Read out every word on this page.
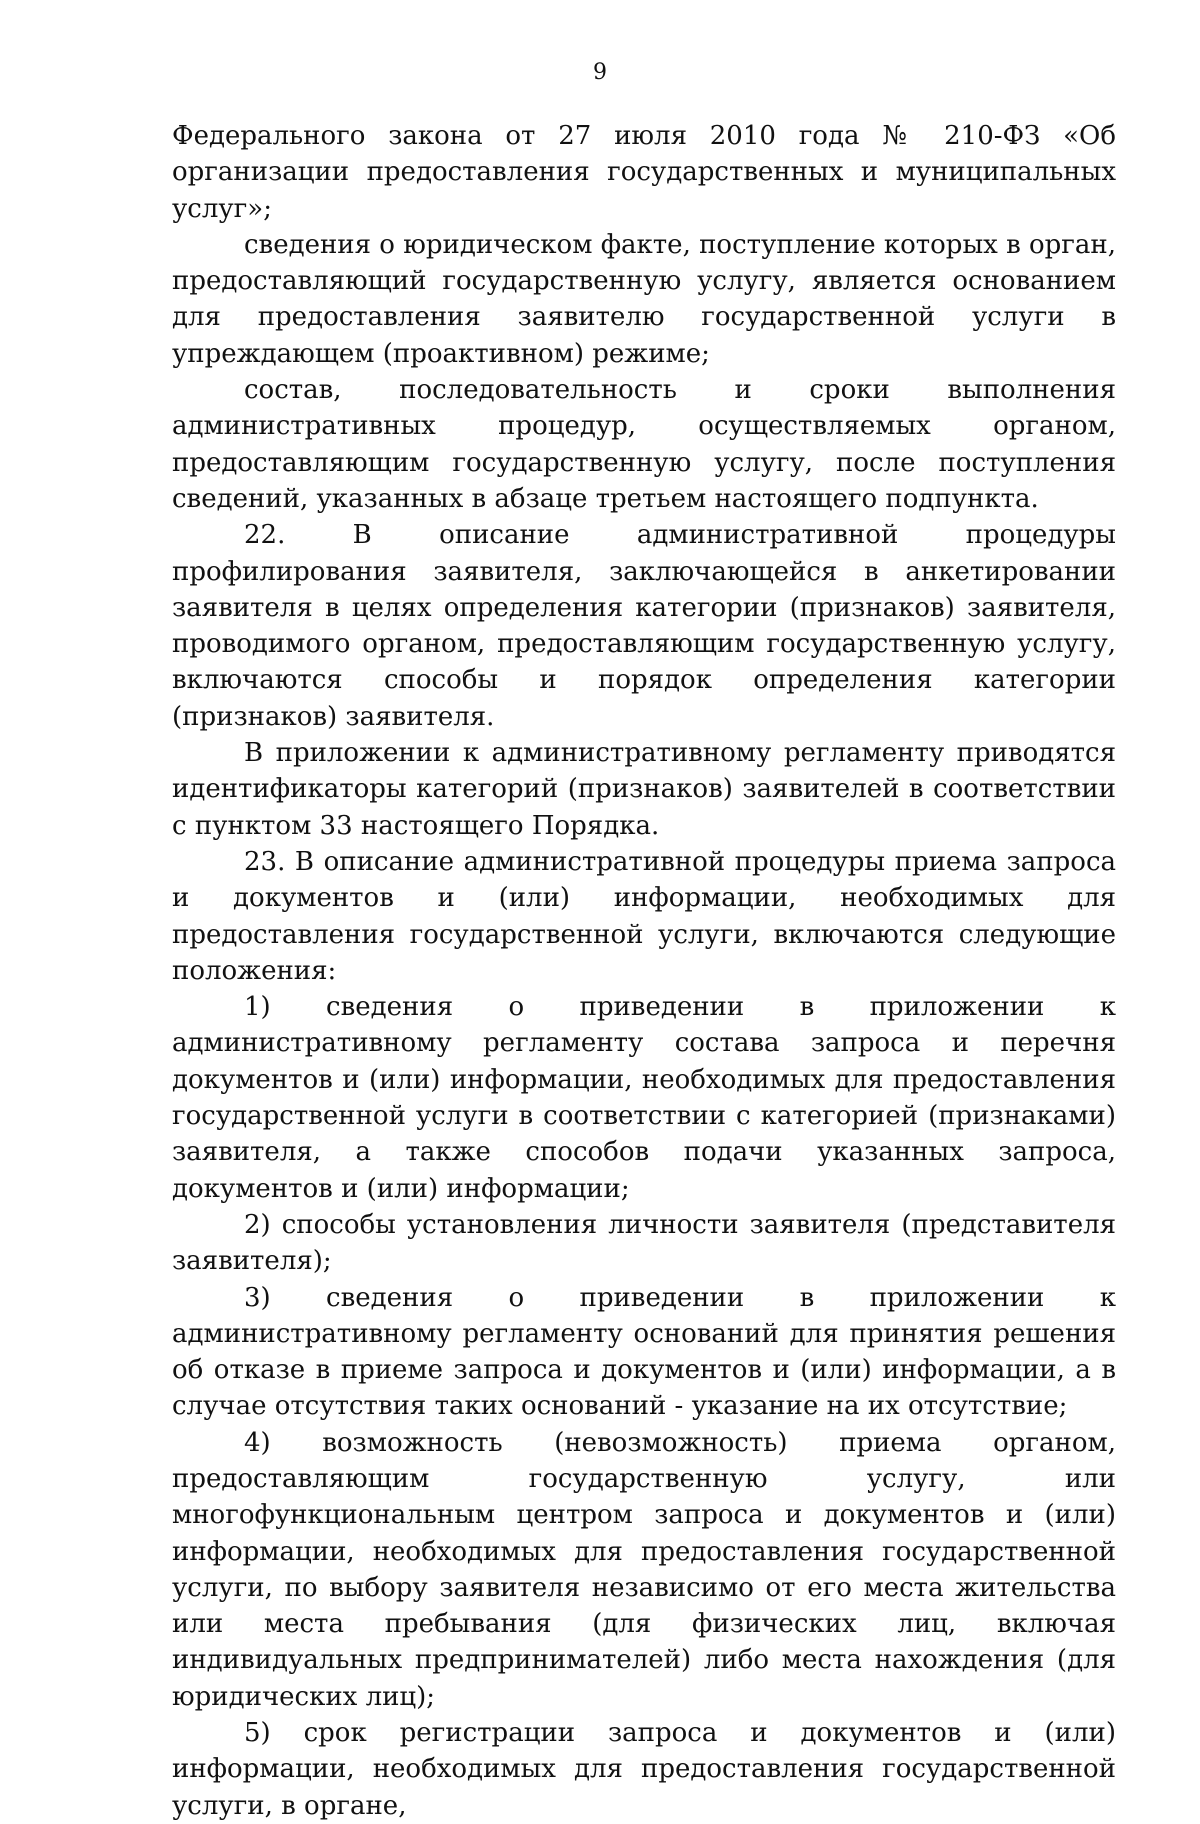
9

Федерального закона от 27 июля 2010 года № 210-ФЗ «Об организации предоставления государственных и муниципальных услуг»;

сведения о юридическом факте, поступление которых в орган, предоставляющий государственную услугу, является основанием для предоставления заявителю государственной услуги в упреждающем (проактивном) режиме;

состав, последовательность и сроки выполнения административных процедур, осуществляемых органом, предоставляющим государственную услугу, после поступления сведений, указанных в абзаце третьем настоящего подпункта.

22. В описание административной процедуры профилирования заявителя, заключающейся в анкетировании заявителя в целях определения категории (признаков) заявителя, проводимого органом, предоставляющим государственную услугу, включаются способы и порядок определения категории (признаков) заявителя.

В приложении к административному регламенту приводятся идентификаторы категорий (признаков) заявителей в соответствии с пунктом 33 настоящего Порядка.

23. В описание административной процедуры приема запроса и документов и (или) информации, необходимых для предоставления государственной услуги, включаются следующие положения:

1) сведения о приведении в приложении к административному регламенту состава запроса и перечня документов и (или) информации, необходимых для предоставления государственной услуги в соответствии с категорией (признаками) заявителя, а также способов подачи указанных запроса, документов и (или) информации;

2) способы установления личности заявителя (представителя заявителя);

3) сведения о приведении в приложении к административному регламенту оснований для принятия решения об отказе в приеме запроса и документов и (или) информации, а в случае отсутствия таких оснований - указание на их отсутствие;

4) возможность (невозможность) приема органом, предоставляющим государственную услугу, или многофункциональным центром запроса и документов и (или) информации, необходимых для предоставления государственной услуги, по выбору заявителя независимо от его места жительства или места пребывания (для физических лиц, включая индивидуальных предпринимателей) либо места нахождения (для юридических лиц);

5) срок регистрации запроса и документов и (или) информации, необходимых для предоставления государственной услуги, в органе,
